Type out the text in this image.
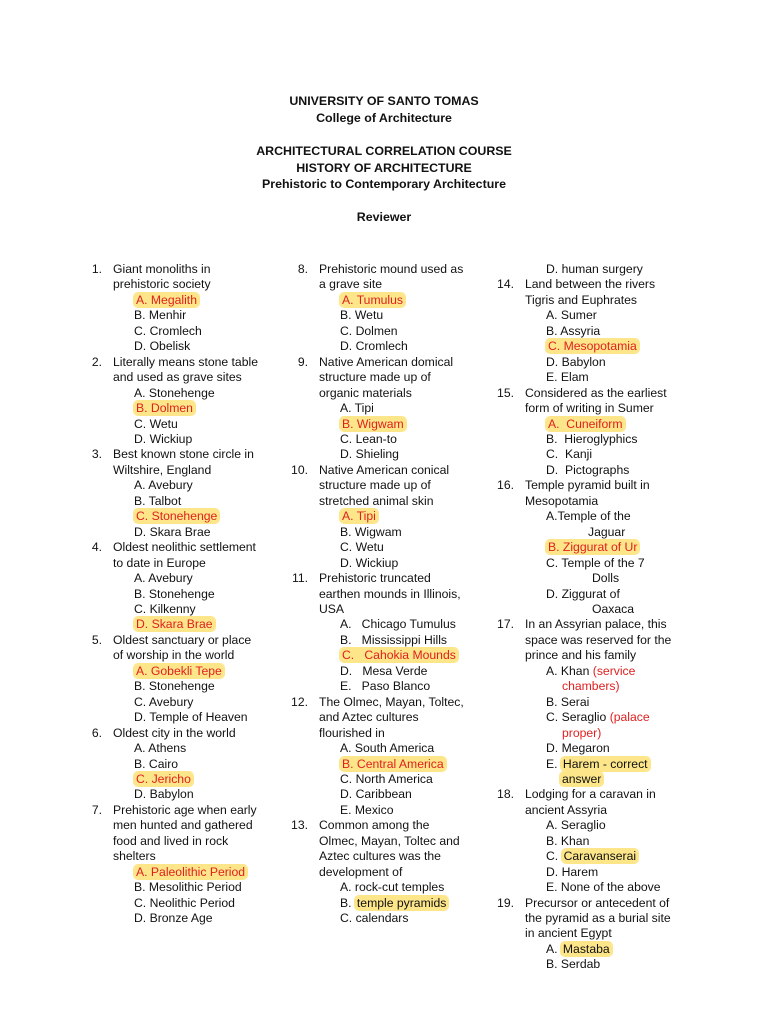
UNIVERSITY OF SANTO TOMAS
College of Architecture
ARCHITECTURAL CORRELATION COURSE
HISTORY OF ARCHITECTURE
Prehistoric to Contemporary Architecture
Reviewer
1. Giant monoliths in
prehistoric society
A. Megalith
B. Menhir
C. Cromlech
D. Obelisk
2. Literally means stone table
and used as grave sites
A. Stonehenge
B. Dolmen
C. Wetu
D. Wickiup
3. Best known stone circle in
Wiltshire, England
A. Avebury
B. Talbot
C. Stonehenge
D. Skara Brae
4. Oldest neolithic settlement
to date in Europe
A. Avebury
B. Stonehenge
C. Kilkenny
D. Skara Brae
5. Oldest sanctuary or place
of worship in the world
A. Gobekli Tepe
B. Stonehenge
C. Avebury
D. Temple of Heaven
6. Oldest city in the world
A. Athens
B. Cairo
C. Jericho
D. Babylon
7. Prehistoric age when early
men hunted and gathered
food and lived in rock
shelters
A. Paleolithic Period
B. Mesolithic Period
C. Neolithic Period
D. Bronze Age
8. Prehistoric mound used as
a grave site
A. Tumulus
B. Wetu
C. Dolmen
D. Cromlech
9. Native American domical
structure made up of
organic materials
A. Tipi
B. Wigwam
C. Lean-to
D. Shieling
10. Native American conical
structure made up of
stretched animal skin
A. Tipi
B. Wigwam
C. Wetu
D. Wickiup
11. Prehistoric truncated
earthen mounds in Illinois,
USA
A.   Chicago Tumulus
B.   Mississippi Hills
C.   Cahokia Mounds
D.   Mesa Verde
E.   Paso Blanco
12. The Olmec, Mayan, Toltec,
and Aztec cultures
flourished in
A. South America
B. Central America
C. North America
D. Caribbean
E. Mexico
13. Common among the
Olmec, Mayan, Toltec and
Aztec cultures was the
development of
A. rock-cut temples
B. temple pyramids
C. calendars
D. human surgery
14. Land between the rivers
Tigris and Euphrates
A. Sumer
B. Assyria
C. Mesopotamia
D. Babylon
E. Elam
15. Considered as the earliest
form of writing in Sumer
A.  Cuneiform
B.  Hieroglyphics
C.  Kanji
D.  Pictographs
16. Temple pyramid built in
Mesopotamia
A.Temple of the
Jaguar
B. Ziggurat of Ur
C. Temple of the 7
Dolls
D. Ziggurat of
Oaxaca
17. In an Assyrian palace, this
space was reserved for the
prince and his family
A. Khan (service
chambers)
B. Serai
C. Seraglio (palace
proper)
D. Megaron
E. Harem - correct
answer
18. Lodging for a caravan in
ancient Assyria
A. Seraglio
B. Khan
C. Caravanserai
D. Harem
E. None of the above
19. Precursor or antecedent of
the pyramid as a burial site
in ancient Egypt
A. Mastaba
B. Serdab
